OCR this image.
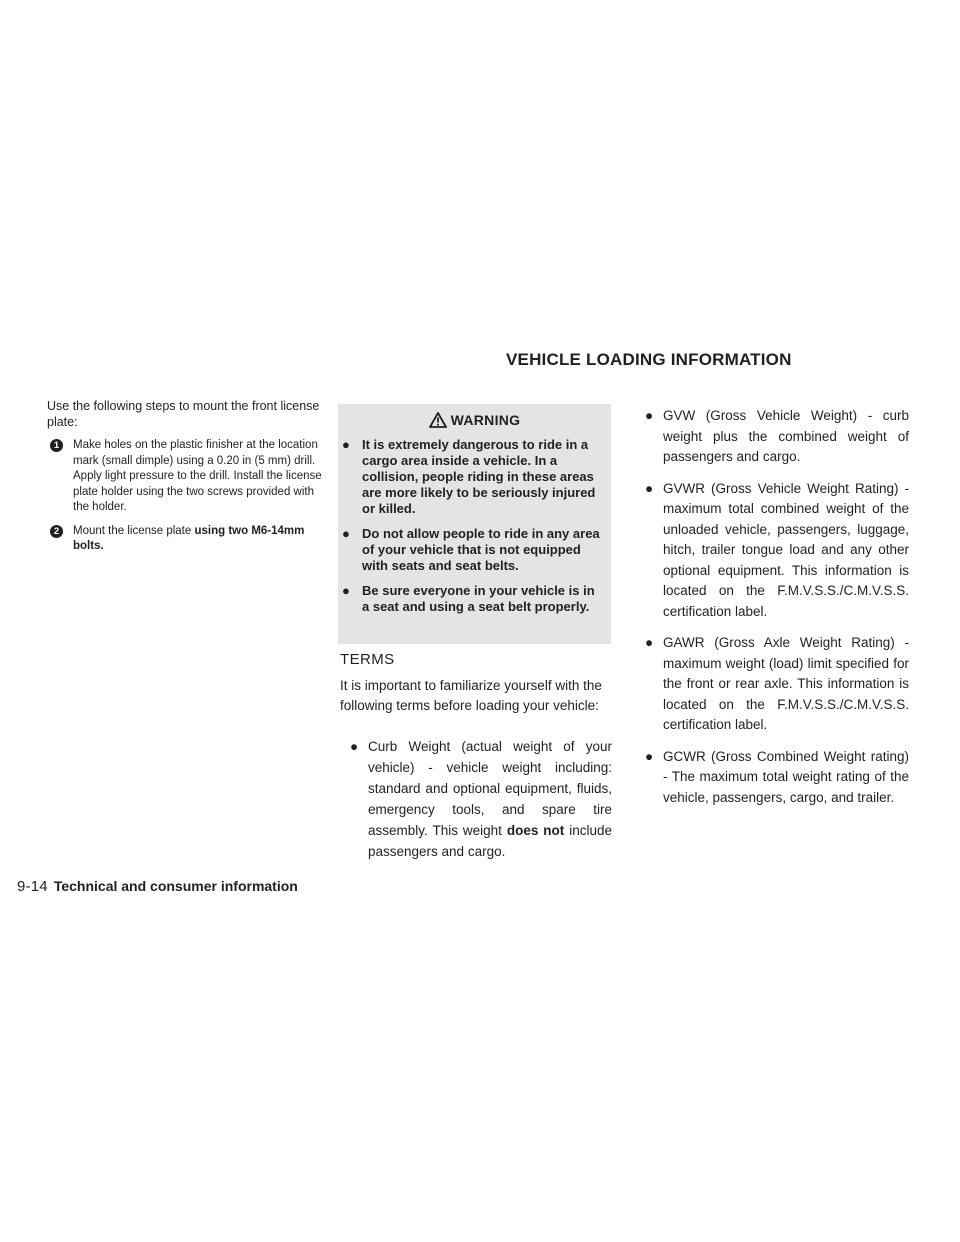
VEHICLE LOADING INFORMATION

Use the following steps to mount the front license plate:

1	Make holes on the plastic finisher at the location mark (small dimple) using a 0.20 in (5 mm) drill. Apply light pressure to the drill. Install the license plate holder using the two screws provided with the holder.
2	Mount the license plate using two M6-14mm bolts.
WARNING
● It is extremely dangerous to ride in a cargo area inside a vehicle. In a collision, people riding in these areas are more likely to be seriously injured or killed.
● Do not allow people to ride in any area of your vehicle that is not equipped with seats and seat belts.
● Be sure everyone in your vehicle is in a seat and using a seat belt properly.
TERMS

It is important to familiarize yourself with the following terms before loading your vehicle:

● Curb Weight (actual weight of your vehicle) - vehicle weight including: standard and optional equipment, fluids, emergency tools, and spare tire assembly. This weight does not include passengers and cargo.
● GVW (Gross Vehicle Weight) - curb weight plus the combined weight of passengers and cargo.
● GVWR (Gross Vehicle Weight Rating) - maximum total combined weight of the unloaded vehicle, passengers, luggage, hitch, trailer tongue load and any other optional equipment. This information is located on the F.M.V.S.S./C.M.V.S.S. certification label.
● GAWR (Gross Axle Weight Rating) - maximum weight (load) limit specified for the front or rear axle. This information is located on the F.M.V.S.S./C.M.V.S.S. certification label.
● GCWR (Gross Combined Weight rating) - The maximum total weight rating of the vehicle, passengers, cargo, and trailer.
9-14 Technical and consumer information
